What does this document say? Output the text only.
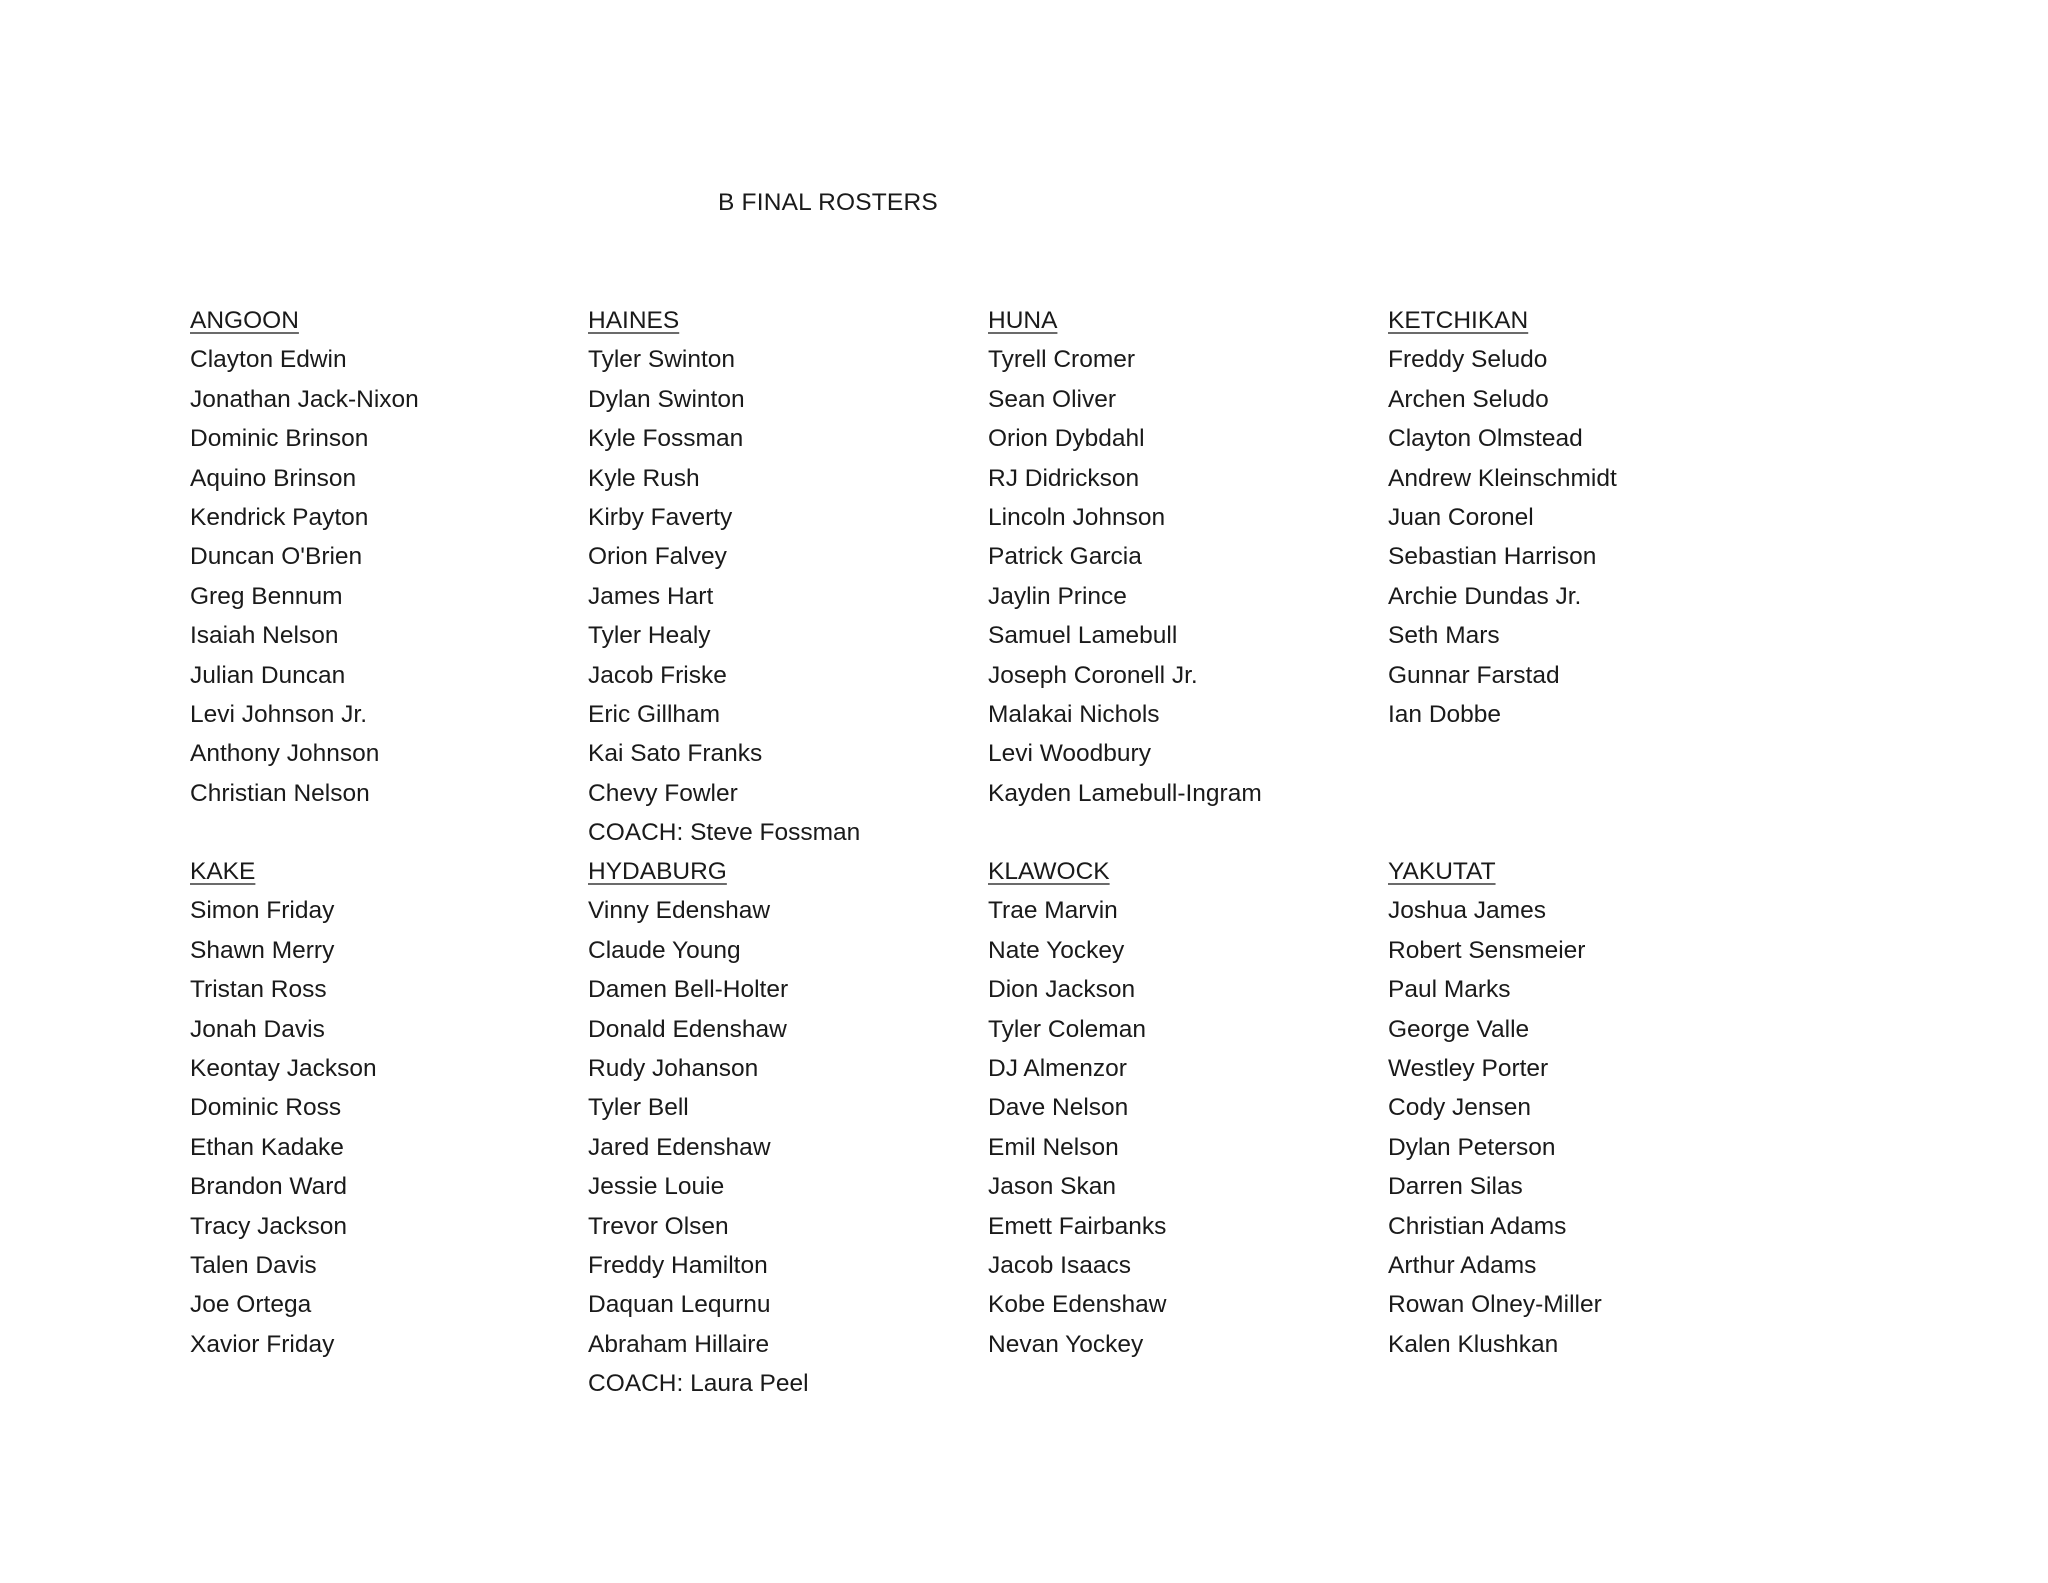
B FINAL ROSTERS
ANGOON
Clayton Edwin
Jonathan Jack-Nixon
Dominic Brinson
Aquino Brinson
Kendrick Payton
Duncan O'Brien
Greg Bennum
Isaiah Nelson
Julian Duncan
Levi Johnson Jr.
Anthony Johnson
Christian Nelson
HAINES
Tyler Swinton
Dylan Swinton
Kyle Fossman
Kyle Rush
Kirby Faverty
Orion Falvey
James Hart
Tyler Healy
Jacob Friske
Eric Gillham
Kai Sato Franks
Chevy Fowler
COACH: Steve Fossman
HUNA
Tyrell Cromer
Sean Oliver
Orion Dybdahl
RJ Didrickson
Lincoln Johnson
Patrick Garcia
Jaylin Prince
Samuel Lamebull
Joseph Coronell Jr.
Malakai Nichols
Levi Woodbury
Kayden Lamebull-Ingram
KETCHIKAN
Freddy Seludo
Archen Seludo
Clayton Olmstead
Andrew Kleinschmidt
Juan Coronel
Sebastian Harrison
Archie Dundas Jr.
Seth Mars
Gunnar Farstad
Ian Dobbe
KAKE
Simon Friday
Shawn Merry
Tristan Ross
Jonah Davis
Keontay Jackson
Dominic Ross
Ethan Kadake
Brandon Ward
Tracy Jackson
Talen Davis
Joe Ortega
Xavior Friday
HYDABURG
Vinny Edenshaw
Claude Young
Damen Bell-Holter
Donald Edenshaw
Rudy Johanson
Tyler Bell
Jared Edenshaw
Jessie Louie
Trevor Olsen
Freddy Hamilton
Daquan Lequrnu
Abraham Hillaire
COACH: Laura Peel
KLAWOCK
Trae Marvin
Nate Yockey
Dion Jackson
Tyler Coleman
DJ Almenzor
Dave Nelson
Emil Nelson
Jason Skan
Emett Fairbanks
Jacob Isaacs
Kobe Edenshaw
Nevan Yockey
YAKUTAT
Joshua James
Robert Sensmeier
Paul Marks
George Valle
Westley Porter
Cody Jensen
Dylan Peterson
Darren Silas
Christian Adams
Arthur Adams
Rowan Olney-Miller
Kalen Klushkan
